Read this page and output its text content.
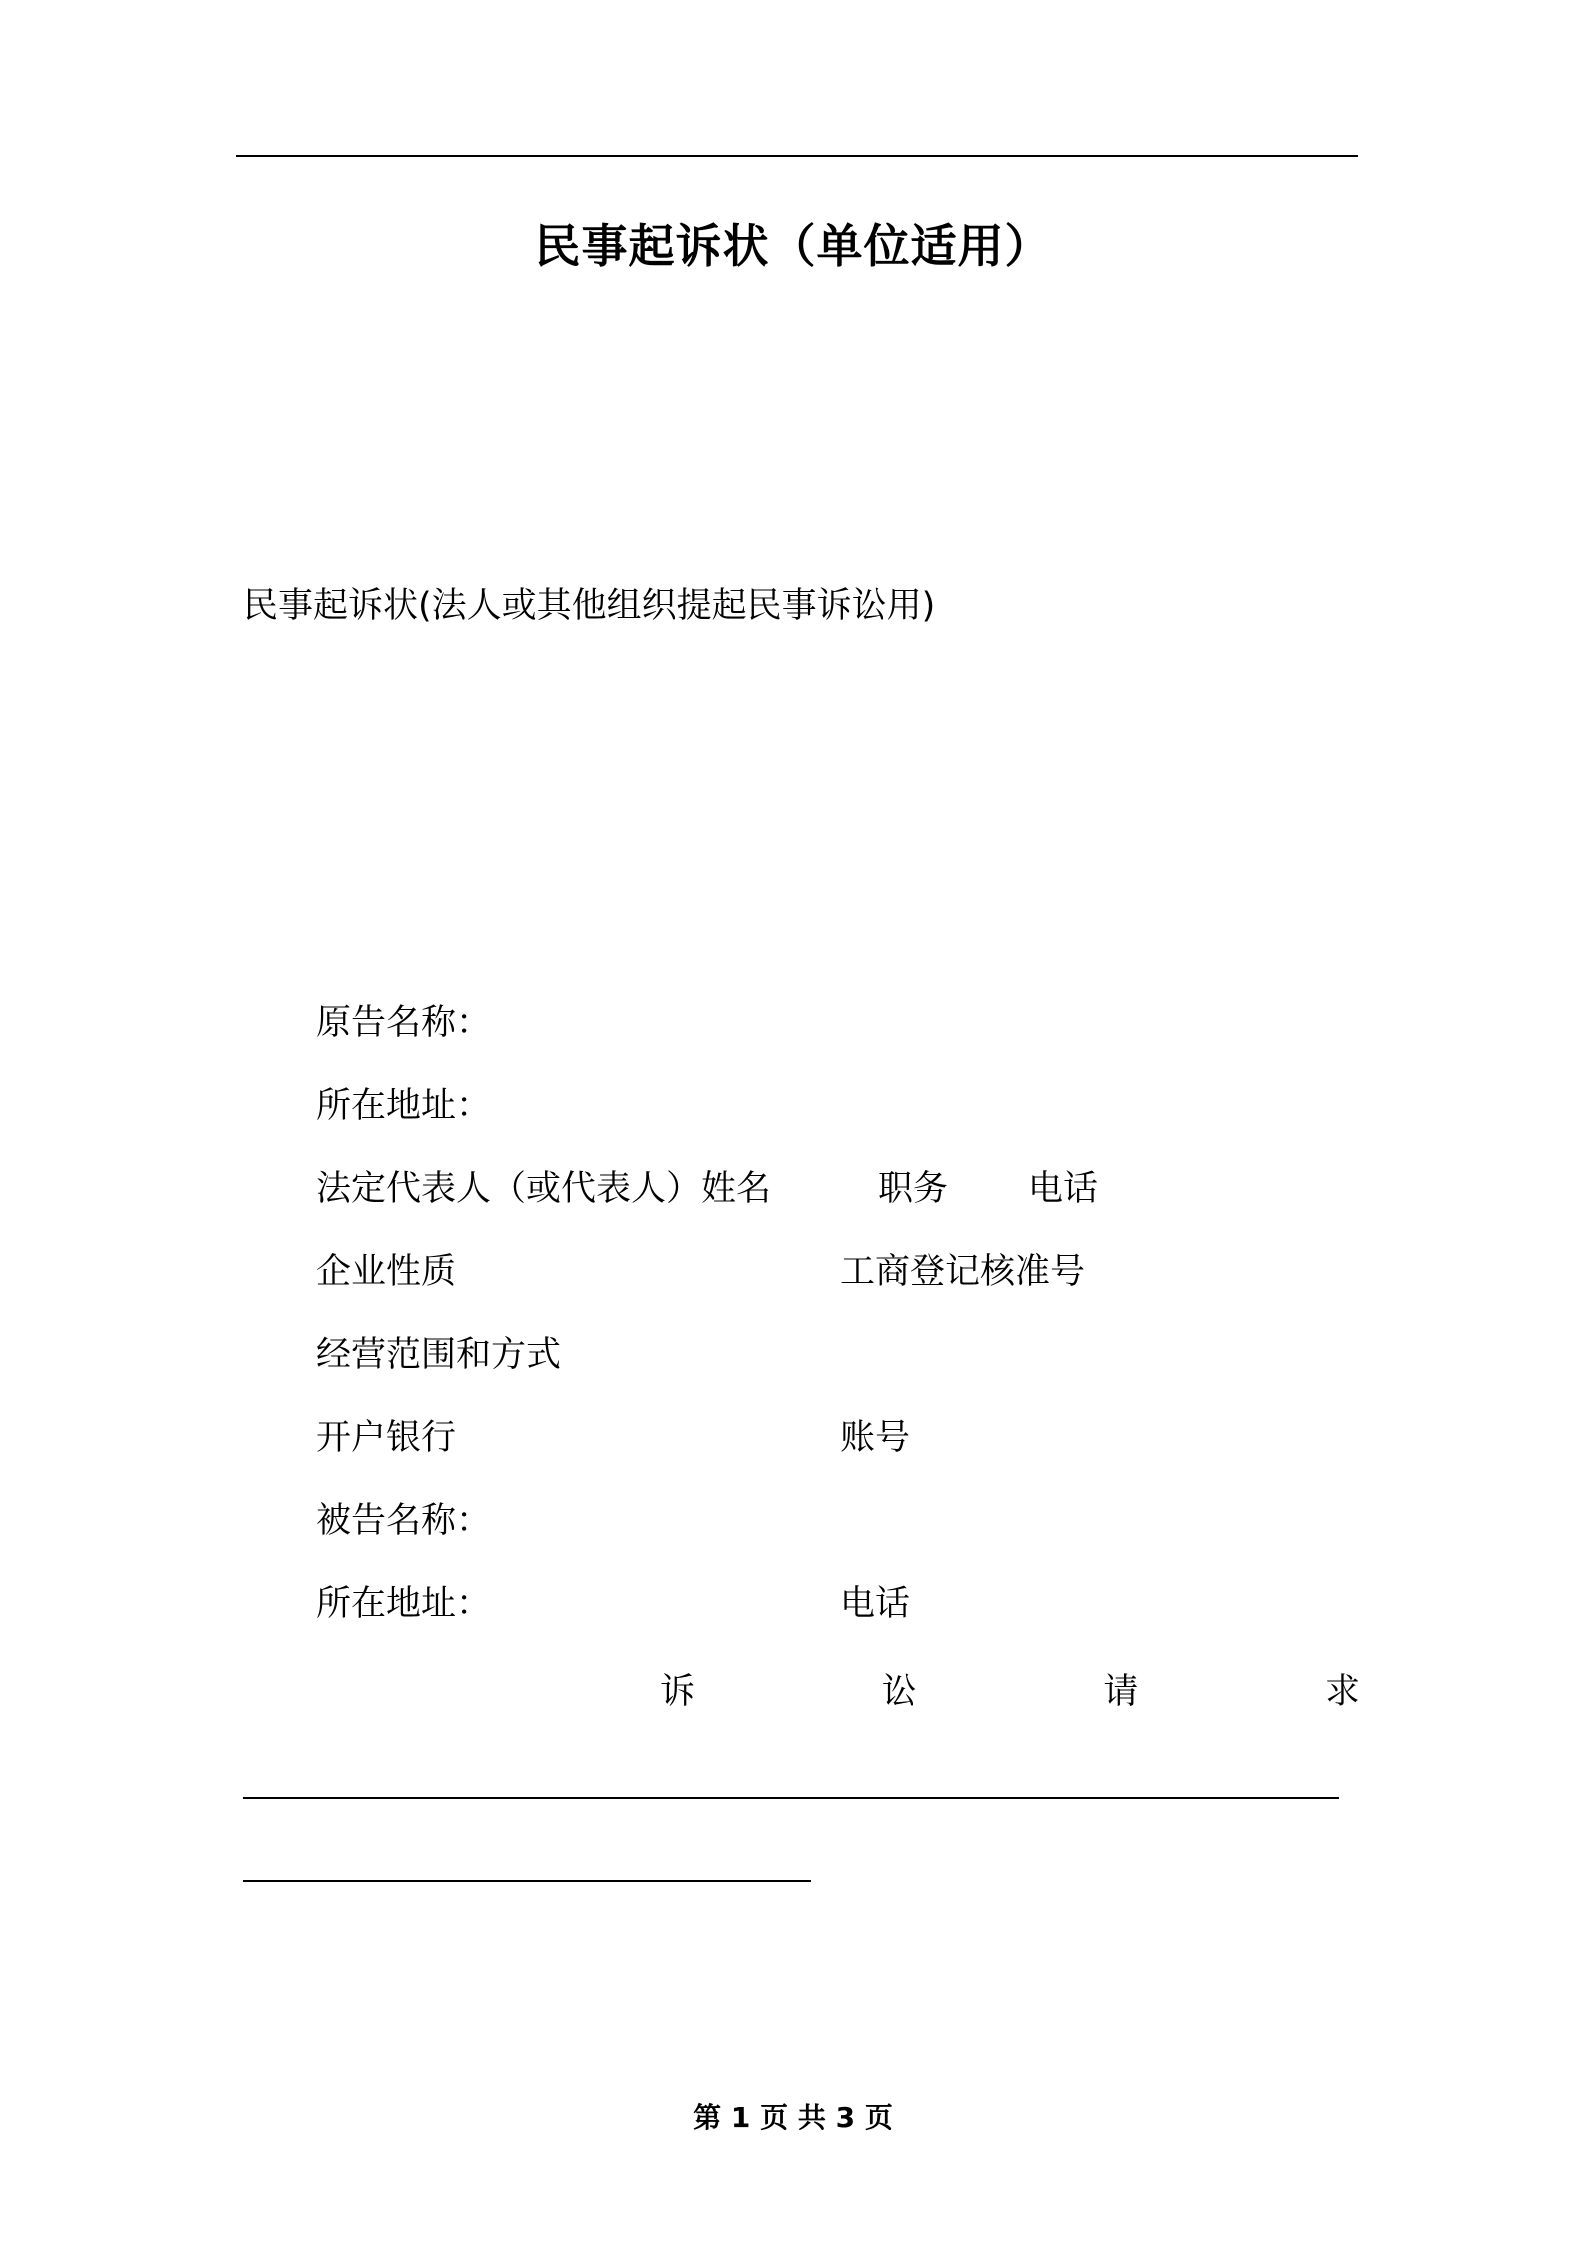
民事起诉状（单位适用）
民事起诉状(法人或其他组织提起民事诉讼用)
原告名称：
所在地址：
法定代表人（或代表人）姓名	职务 电话
企业性质	工商登记核准号
经营范围和方式
开户银行	账号
被告名称：
所在地址：	电话
诉	讼	请	求
第 1 页 共 3 页
